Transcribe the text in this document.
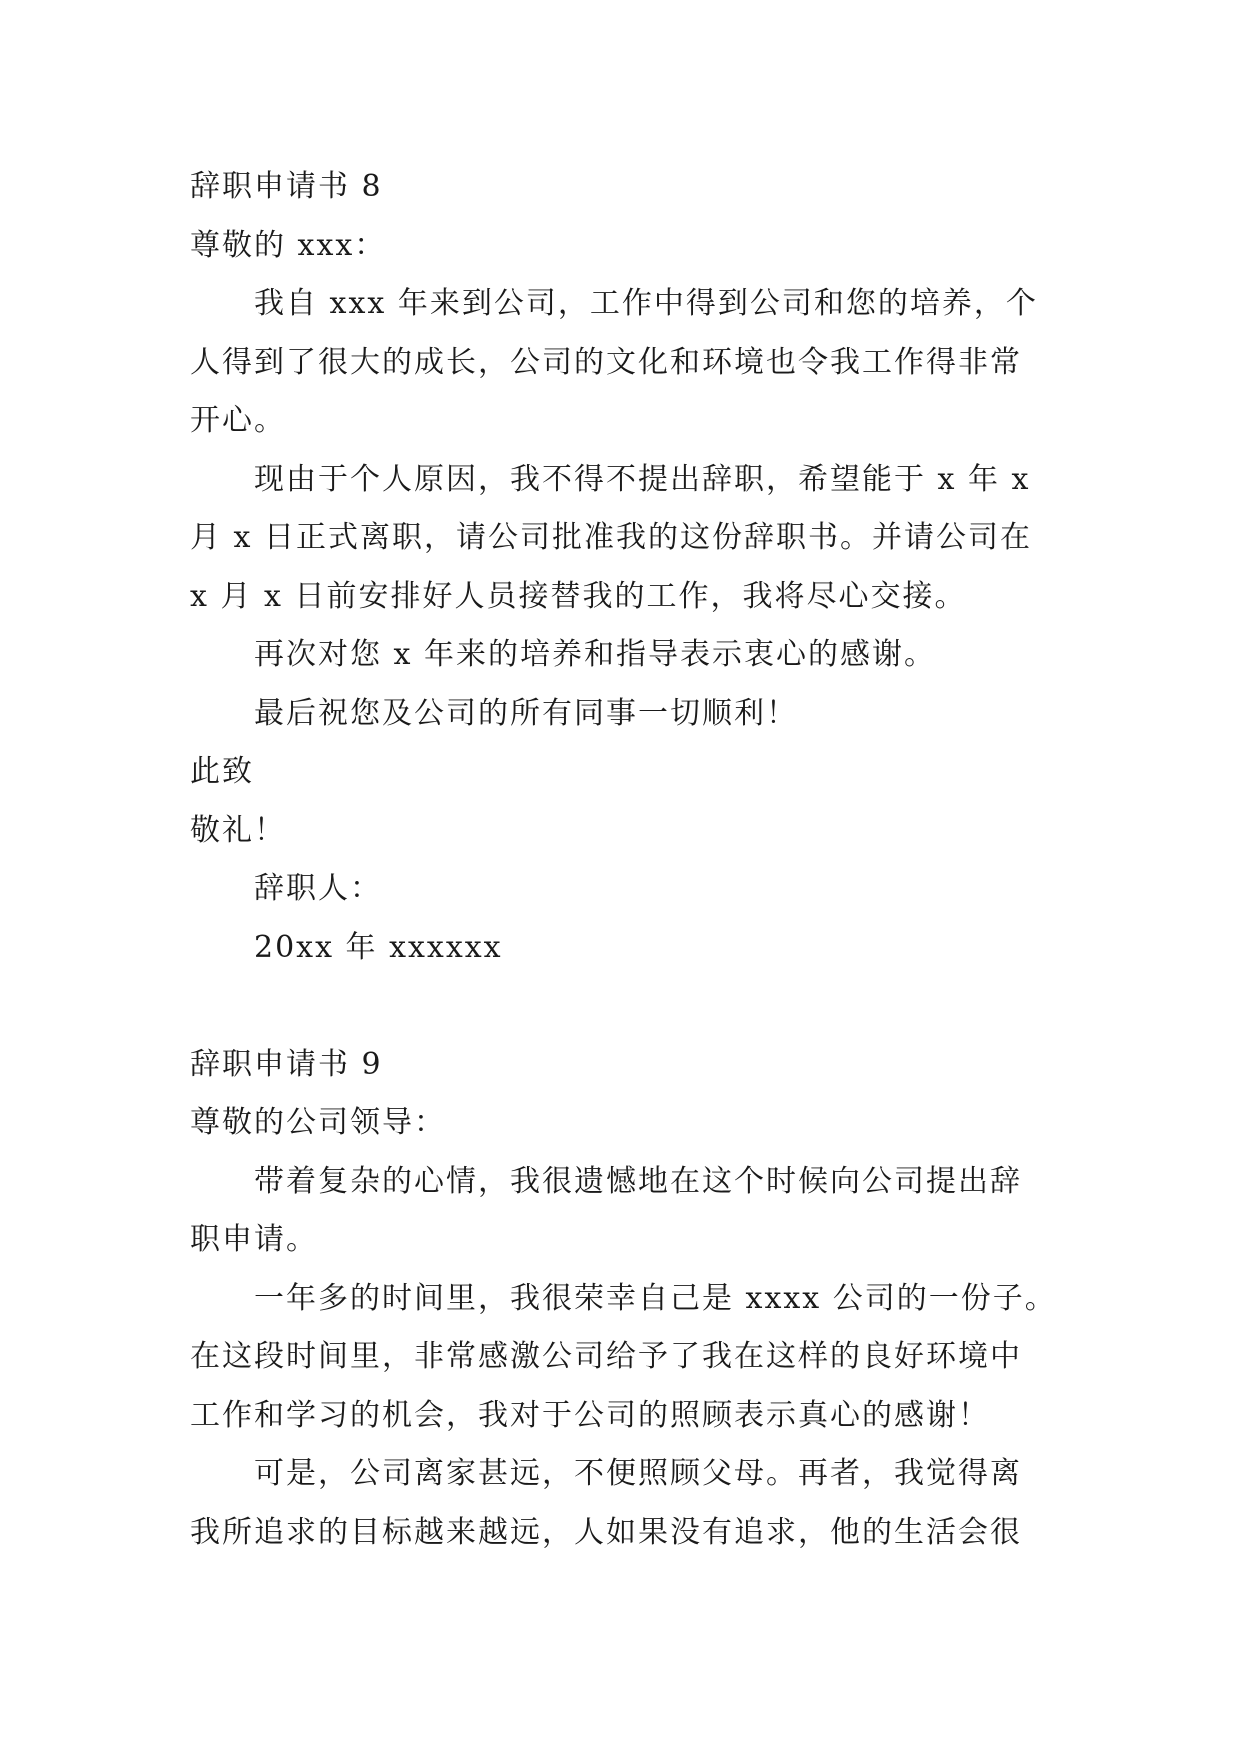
辞职申请书 8
尊敬的 xxx：
我自 xxx 年来到公司，工作中得到公司和您的培养，个
人得到了很大的成长，公司的文化和环境也令我工作得非常
开心。
现由于个人原因，我不得不提出辞职，希望能于 x 年 x
月 x 日正式离职，请公司批准我的这份辞职书。并请公司在
x 月 x 日前安排好人员接替我的工作，我将尽心交接。
再次对您 x 年来的培养和指导表示衷心的感谢。
最后祝您及公司的所有同事一切顺利！
此致
敬礼！
辞职人：
20xx 年 xxxxxx
辞职申请书 9
尊敬的公司领导：
带着复杂的心情，我很遗憾地在这个时候向公司提出辞
职申请。
一年多的时间里，我很荣幸自己是 xxxx 公司的一份子。
在这段时间里，非常感激公司给予了我在这样的良好环境中
工作和学习的机会，我对于公司的照顾表示真心的感谢！
可是，公司离家甚远，不便照顾父母。再者，我觉得离
我所追求的目标越来越远，人如果没有追求，他的生活会很
